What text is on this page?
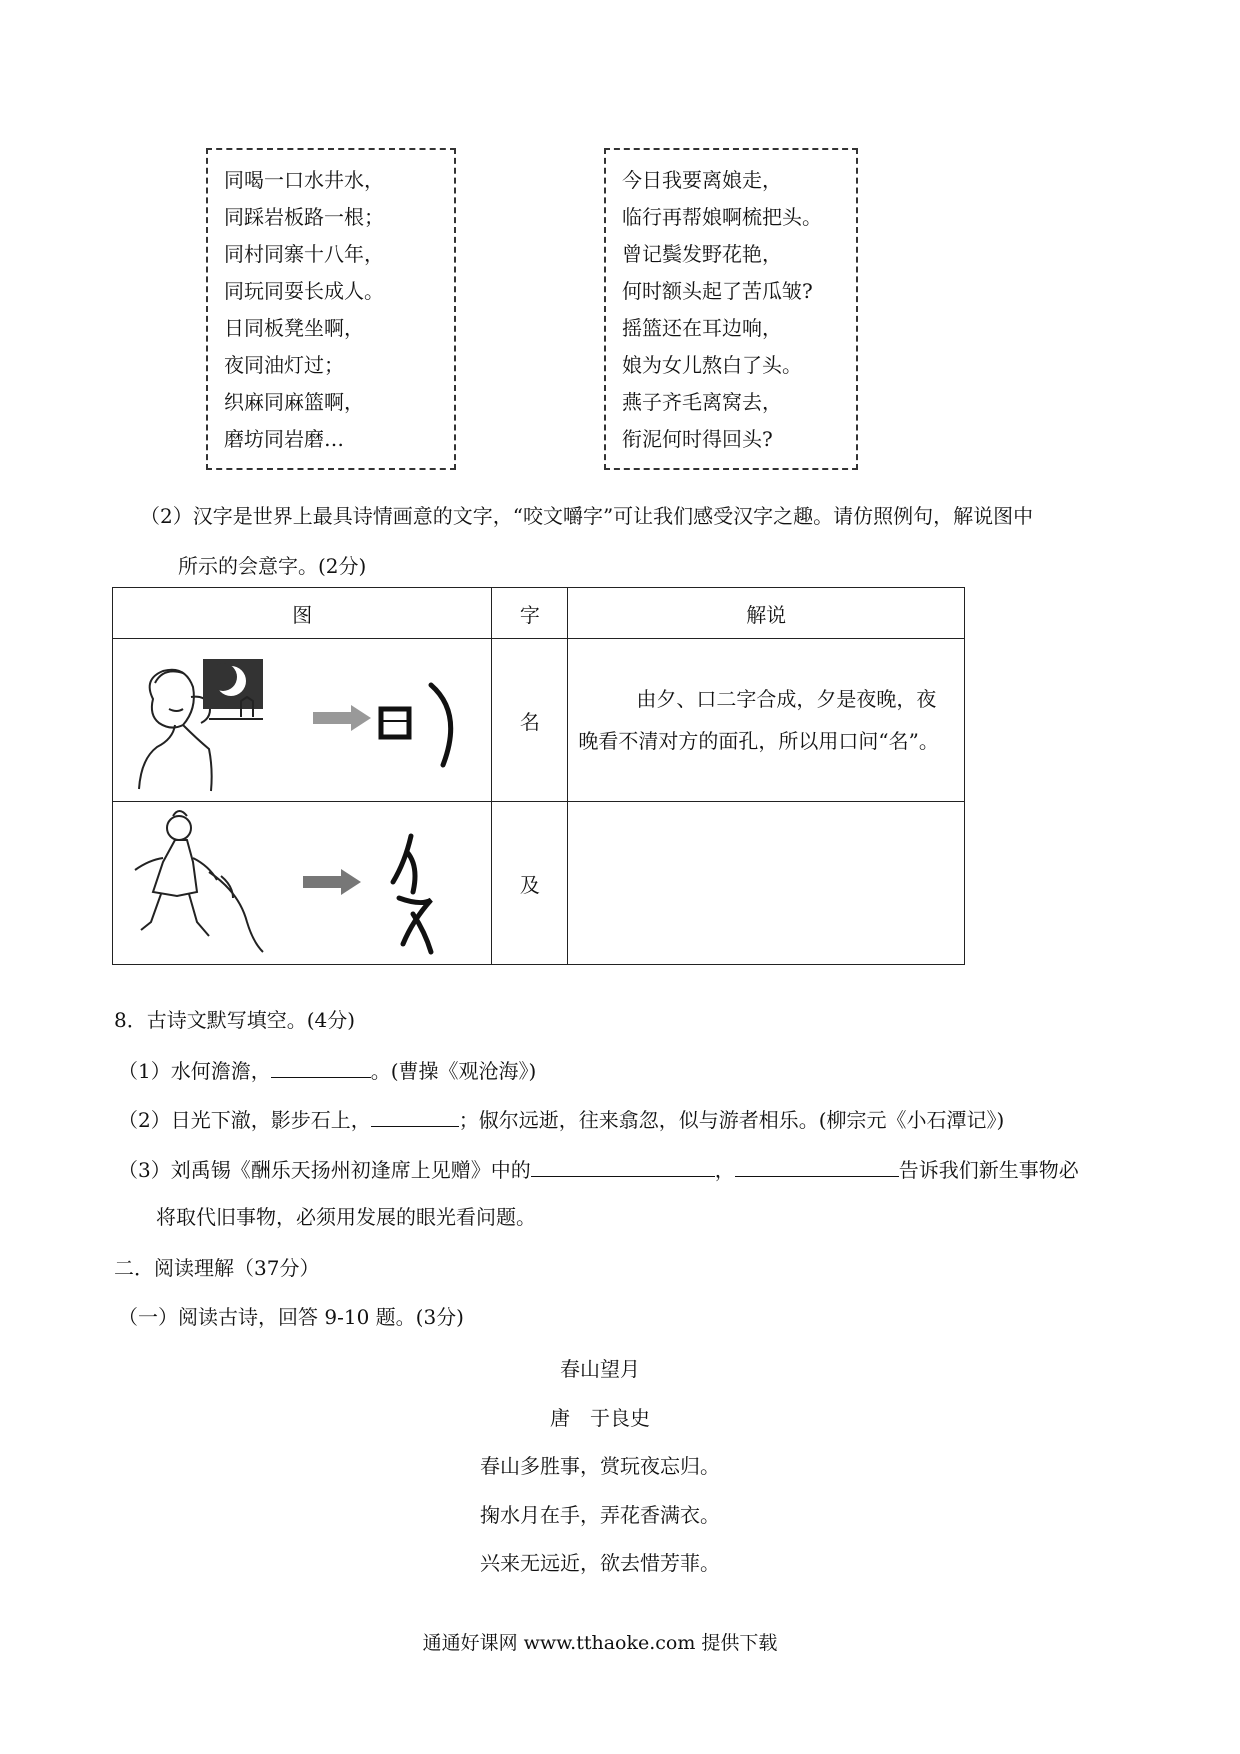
同喝一口水井水，
同踩岩板路一根；
同村同寨十八年，
同玩同耍长成人。
日同板凳坐啊，
夜同油灯过；
织麻同麻篮啊，
磨坊同岩磨…
今日我要离娘走，
临行再帮娘啊梳把头。
曾记鬓发野花艳，
何时额头起了苦瓜皱?
摇篮还在耳边响，
娘为女儿熬白了头。
燕子齐毛离窝去，
衔泥何时得回头?
（2）汉字是世界上最具诗情画意的文字，“咬文嚼字”可让我们感受汉字之趣。请仿照例句，解说图中
所示的会意字。(2分)
图	字	解说

	名	由夕、口二字合成，夕是夜晚，夜
晚看不清对方的面孔，所以用口问“名”。

	及	
8．古诗文默写填空。(4分)
（1）水何澹澹，	。(曹操《观沧海》)
（2）日光下澈，影步石上，	；俶尔远逝，往来翕忽，似与游者相乐。(柳宗元《小石潭记》)
（3）刘禹锡《酬乐天扬州初逢席上见赠》中的	，	告诉我们新生事物必
将取代旧事物，必须用发展的眼光看问题。
二．阅读理解（37分）
（一）阅读古诗，回答 9-10 题。(3分)
春山望月
唐　于良史
春山多胜事，赏玩夜忘归。
掬水月在手，弄花香满衣。
兴来无远近，欲去惜芳菲。
通通好课网 www.tthaoke.com 提供下载
